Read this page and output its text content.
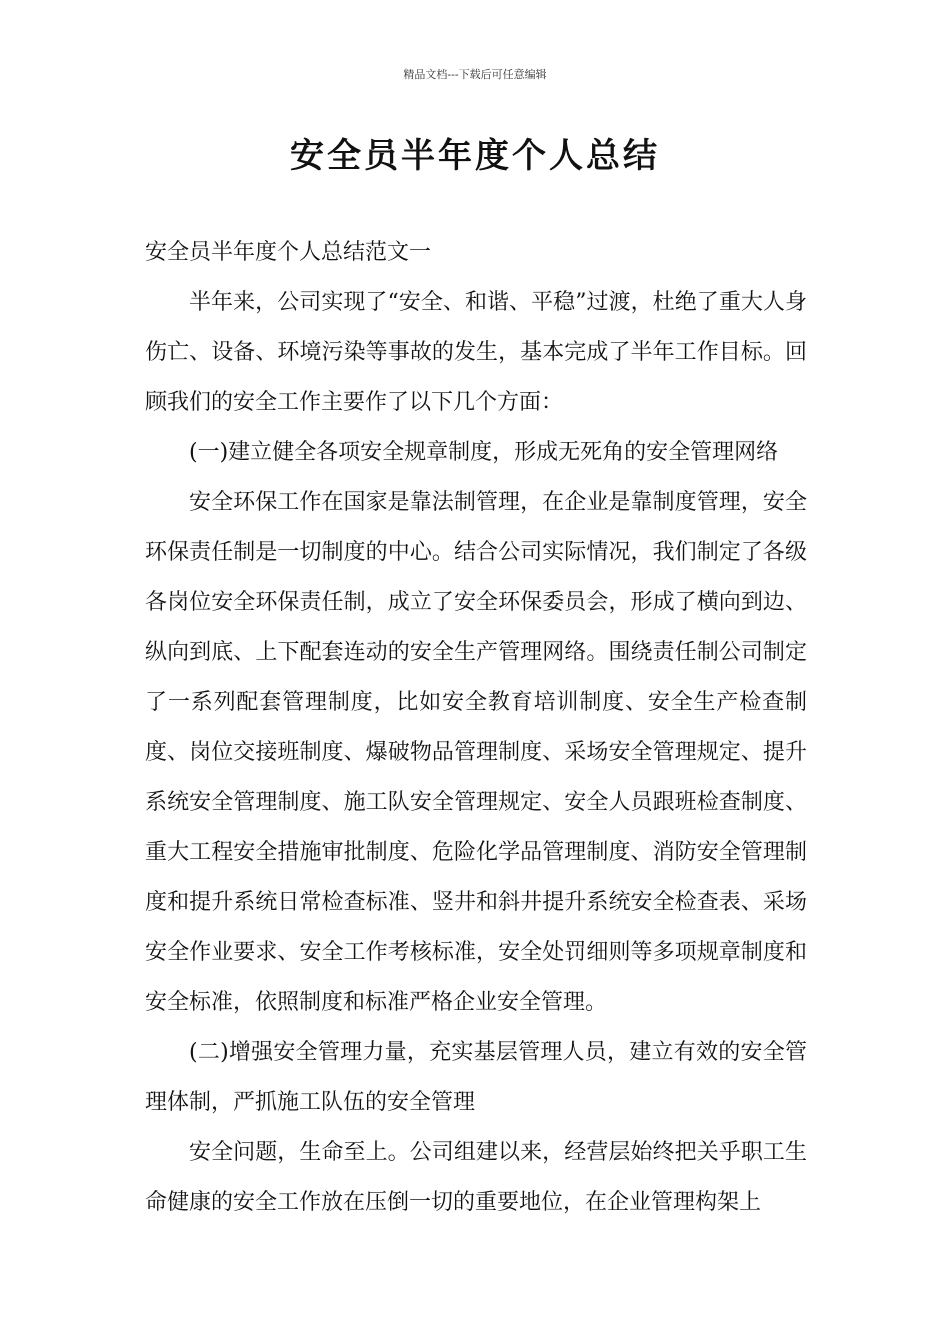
精品文档---下载后可任意编辑
安全员半年度个人总结

安全员半年度个人总结范文一

半年来，公司实现了“安全、和谐、平稳”过渡，杜绝了重大人身伤亡、设备、环境污染等事故的发生，基本完成了半年工作目标。回顾我们的安全工作主要作了以下几个方面：

(一)建立健全各项安全规章制度，形成无死角的安全管理网络

安全环保工作在国家是靠法制管理，在企业是靠制度管理，安全环保责任制是一切制度的中心。结合公司实际情况，我们制定了各级各岗位安全环保责任制，成立了安全环保委员会，形成了横向到边、纵向到底、上下配套连动的安全生产管理网络。围绕责任制公司制定了一系列配套管理制度，比如安全教育培训制度、安全生产检查制度、岗位交接班制度、爆破物品管理制度、采场安全管理规定、提升系统安全管理制度、施工队安全管理规定、安全人员跟班检查制度、重大工程安全措施审批制度、危险化学品管理制度、消防安全管理制度和提升系统日常检查标准、竖井和斜井提升系统安全检查表、采场安全作业要求、安全工作考核标准，安全处罚细则等多项规章制度和安全标准，依照制度和标准严格企业安全管理。

(二)增强安全管理力量，充实基层管理人员，建立有效的安全管理体制，严抓施工队伍的安全管理

安全问题，生命至上。公司组建以来，经营层始终把关乎职工生命健康的安全工作放在压倒一切的重要地位，在企业管理构架上
